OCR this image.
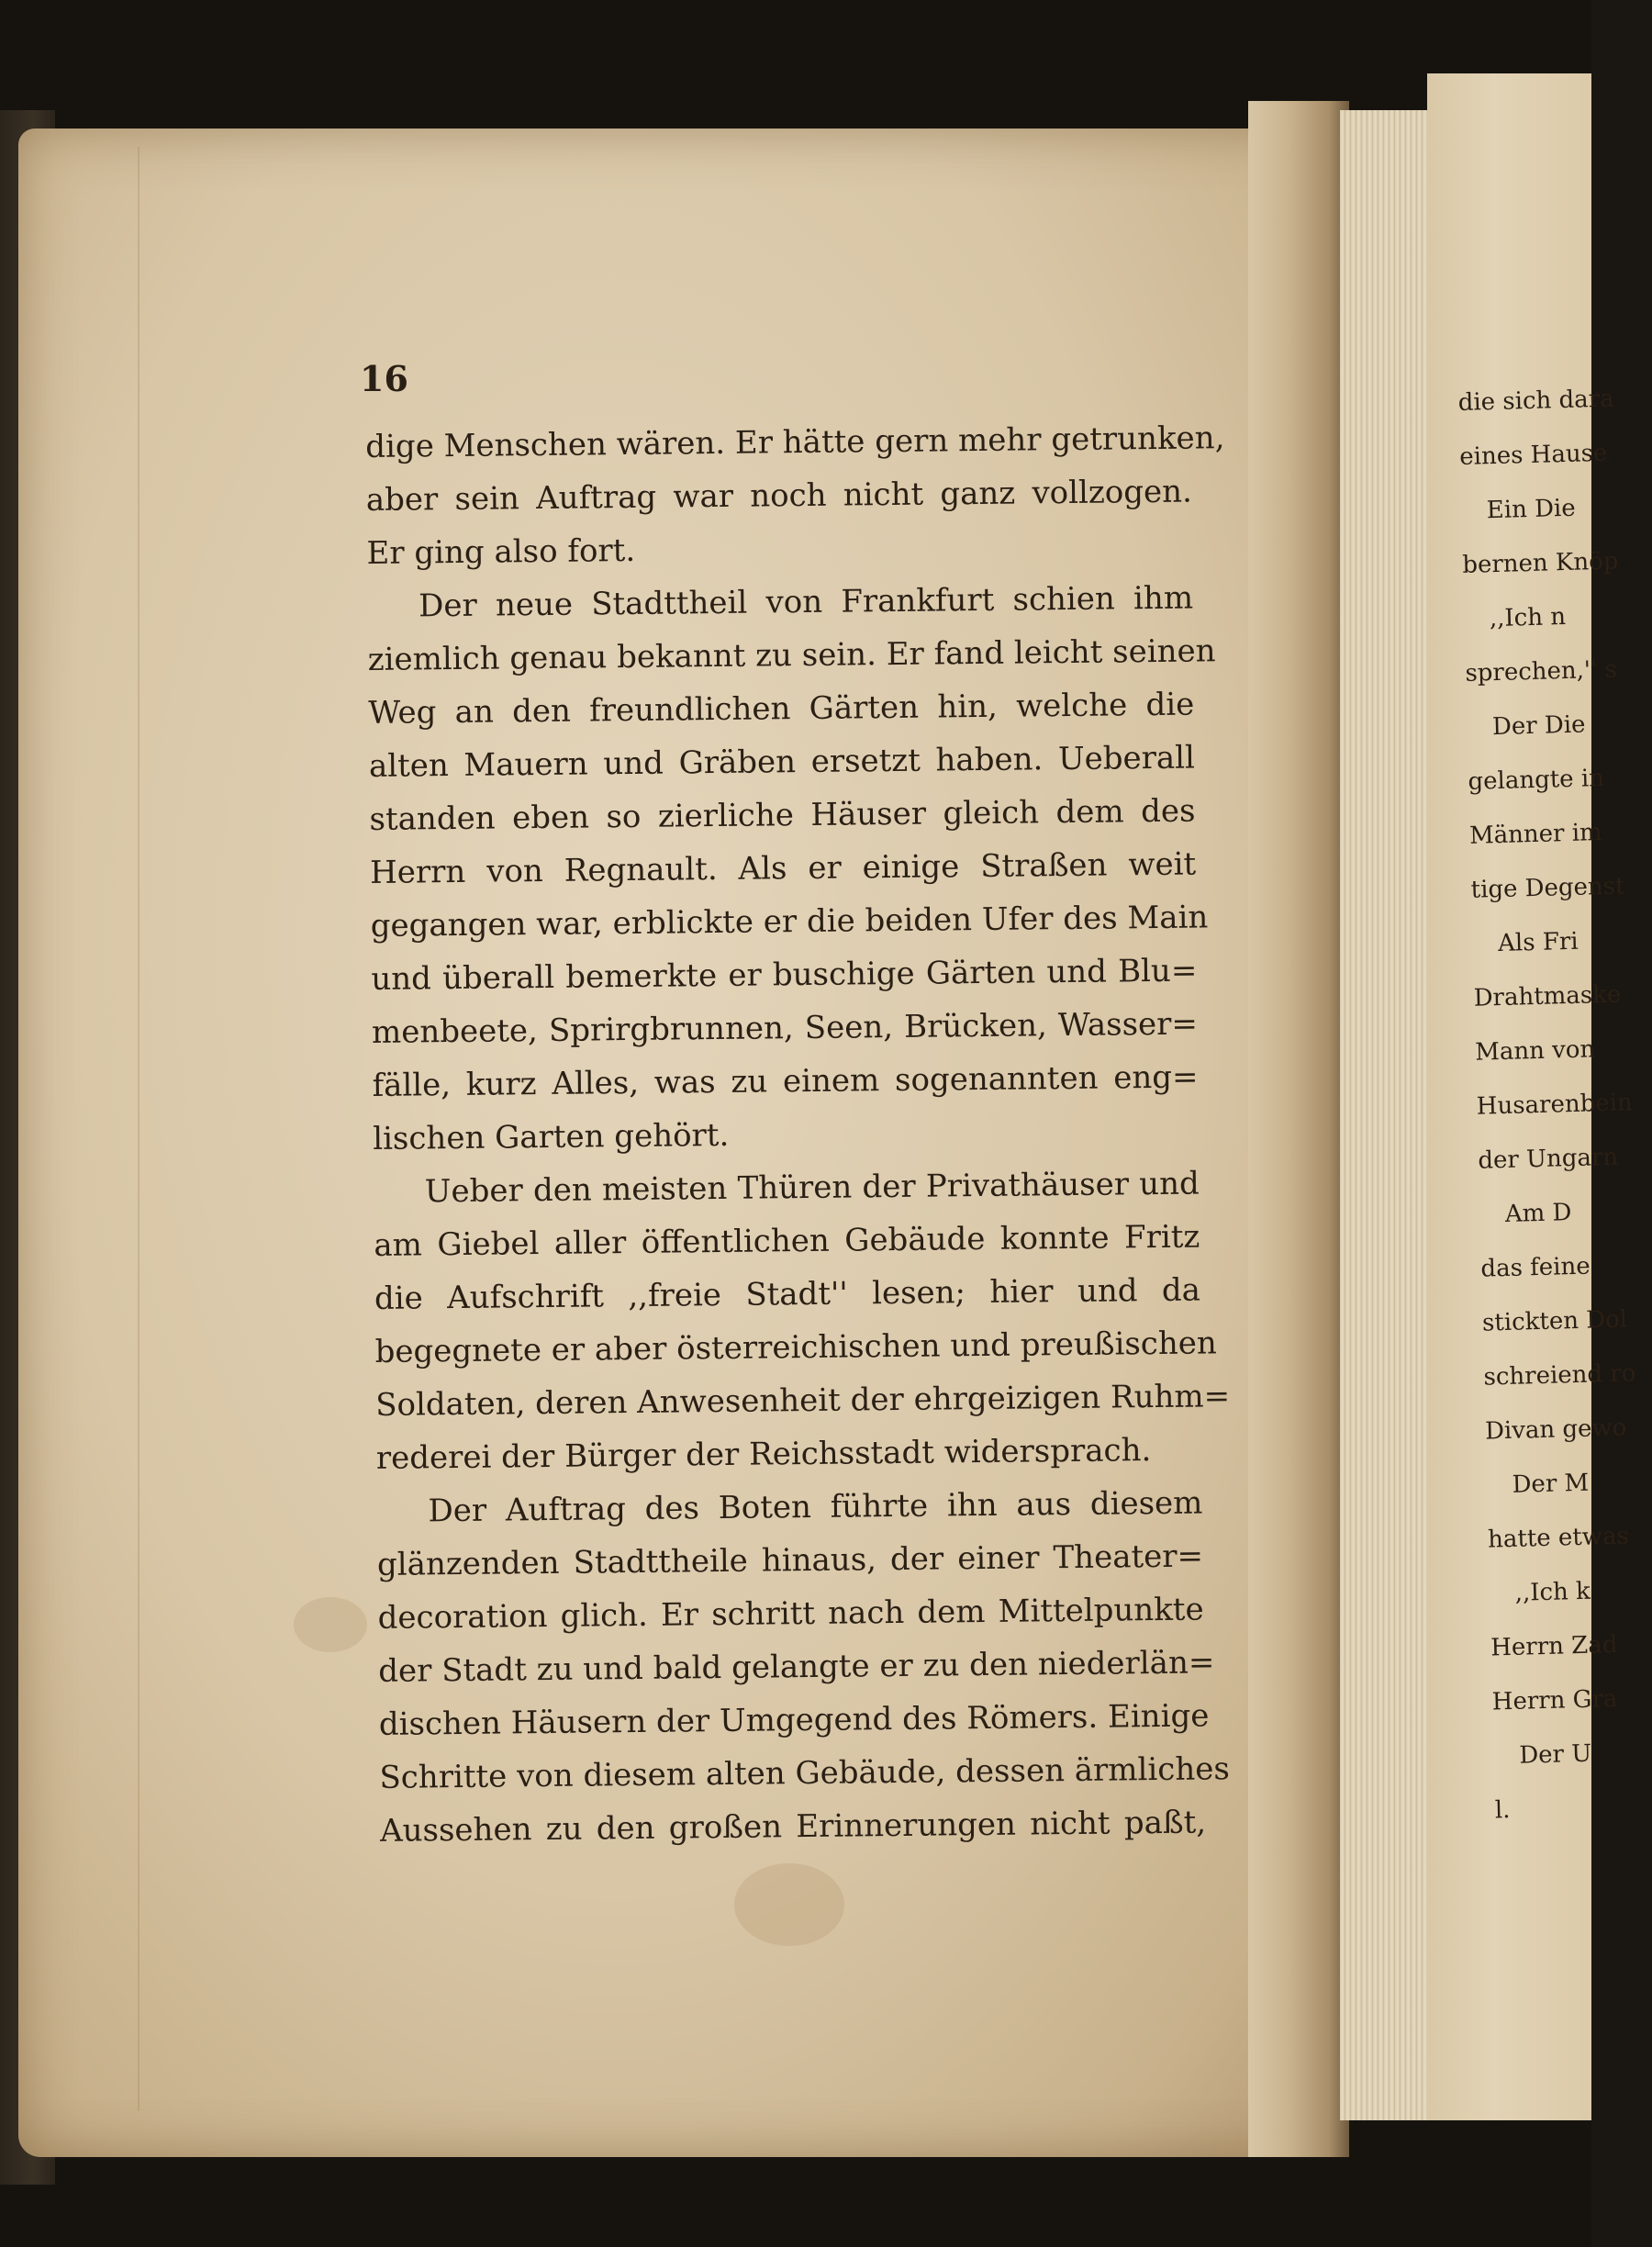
16
dige Menschen wären. Er hätte gern mehr getrunken,
aber sein Auftrag war noch nicht ganz vollzogen.
Er ging also fort.
Der neue Stadttheil von Frankfurt schien ihm
ziemlich genau bekannt zu sein. Er fand leicht seinen
Weg an den freundlichen Gärten hin, welche die
alten Mauern und Gräben ersetzt haben. Ueberall
standen eben so zierliche Häuser gleich dem des
Herrn von Regnault. Als er einige Straßen weit
gegangen war, erblickte er die beiden Ufer des Main
und überall bemerkte er buschige Gärten und Blu=
menbeete, Sprirgbrunnen, Seen, Brücken, Wasser=
fälle, kurz Alles, was zu einem sogenannten eng=
lischen Garten gehört.
Ueber den meisten Thüren der Privathäuser und
am Giebel aller öffentlichen Gebäude konnte Fritz
die Aufschrift ,,freie Stadt'' lesen; hier und da
begegnete er aber österreichischen und preußischen
Soldaten, deren Anwesenheit der ehrgeizigen Ruhm=
rederei der Bürger der Reichsstadt widersprach.
Der Auftrag des Boten führte ihn aus diesem
glänzenden Stadttheile hinaus, der einer Theater=
decoration glich. Er schritt nach dem Mittelpunkte
der Stadt zu und bald gelangte er zu den niederlän=
dischen Häusern der Umgegend des Römers. Einige
Schritte von diesem alten Gebäude, dessen ärmliches
Aussehen zu den großen Erinnerungen nicht paßt,
die sich dara
eines Hause
Ein Die
bernen Knöp
,,Ich n
sprechen,'' s
Der Die
gelangte in
Männer im
tige Degenst
Als Fri
Drahtmaske
Mann von
Husarenbein
der Ungarn
Am D
das feine
stickten Dol
schreiend ro
Divan gewo
Der M
hatte etwas
,,Ich k
Herrn Zad
Herrn Gra
Der U
l.
